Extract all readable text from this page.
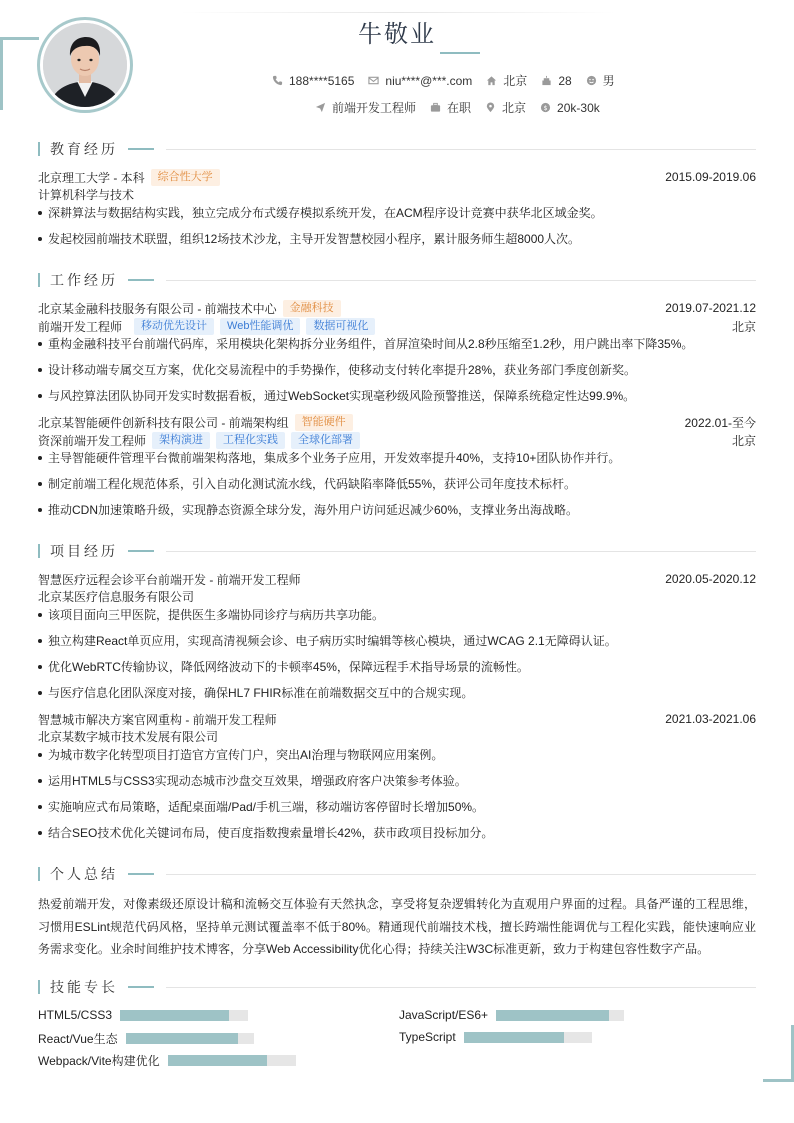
牛敬业
188****5165	niu****@***.com	北京	28	男
前端开发工程师	在职	北京 $ 20k-30k
教育经历
北京理工大学 - 本科	综合性大学	2015.09-2019.06
计算机科学与技术
深耕算法与数据结构实践，独立完成分布式缓存模拟系统开发，在ACM程序设计竞赛中获华北区域金奖。
发起校园前端技术联盟，组织12场技术沙龙，主导开发智慧校园小程序，累计服务师生超8000人次。
工作经历
北京某金融科技服务有限公司 - 前端技术中心	金融科技	2019.07-2021.12
前端开发工程师	移动优先设计	Web性能调优	数据可视化	北京
重构金融科技平台前端代码库，采用模块化架构拆分业务组件，首屏渲染时间从2.8秒压缩至1.2秒，用户跳出率下降35%。
设计移动端专属交互方案，优化交易流程中的手势操作，使移动支付转化率提升28%，获业务部门季度创新奖。
与风控算法团队协同开发实时数据看板，通过WebSocket实现毫秒级风险预警推送，保障系统稳定性达99.9%。
北京某智能硬件创新科技有限公司 - 前端架构组	智能硬件	2022.01-至今
资深前端开发工程师	架构演进	工程化实践	全球化部署	北京
主导智能硬件管理平台微前端架构落地，集成多个业务子应用，开发效率提升40%，支持10+团队协作并行。
制定前端工程化规范体系，引入自动化测试流水线，代码缺陷率降低55%，获评公司年度技术标杆。
推动CDN加速策略升级，实现静态资源全球分发，海外用户访问延迟减少60%，支撑业务出海战略。
项目经历
智慧医疗远程会诊平台前端开发 - 前端开发工程师	2020.05-2020.12
北京某医疗信息服务有限公司
该项目面向三甲医院，提供医生多端协同诊疗与病历共享功能。
独立构建React单页应用，实现高清视频会诊、电子病历实时编辑等核心模块，通过WCAG 2.1无障碍认证。
优化WebRTC传输协议，降低网络波动下的卡顿率45%，保障远程手术指导场景的流畅性。
与医疗信息化团队深度对接，确保HL7 FHIR标准在前端数据交互中的合规实现。
智慧城市解决方案官网重构 - 前端开发工程师	2021.03-2021.06
北京某数字城市技术发展有限公司
为城市数字化转型项目打造官方宣传门户，突出AI治理与物联网应用案例。
运用HTML5与CSS3实现动态城市沙盘交互效果，增强政府客户决策参考体验。
实施响应式布局策略，适配桌面端/Pad/手机三端，移动端访客停留时长增加50%。
结合SEO技术优化关键词布局，使百度指数搜索量增长42%，获市政项目投标加分。
个人总结
热爱前端开发，对像素级还原设计稿和流畅交互体验有天然执念，享受将复杂逻辑转化为直观用户界面的过程。具备严谨的工程思维，习惯用ESLint规范代码风格，坚持单元测试覆盖率不低于80%。精通现代前端技术栈，擅长跨端性能调优与工程化实践，能快速响应业务需求变化。业余时间维护技术博客，分享Web Accessibility优化心得；持续关注W3C标准更新，致力于构建包容性数字产品。
技能专长
HTML5/CSS3	JavaScript/ES6+
React/Vue生态	TypeScript
Webpack/Vite构建优化
